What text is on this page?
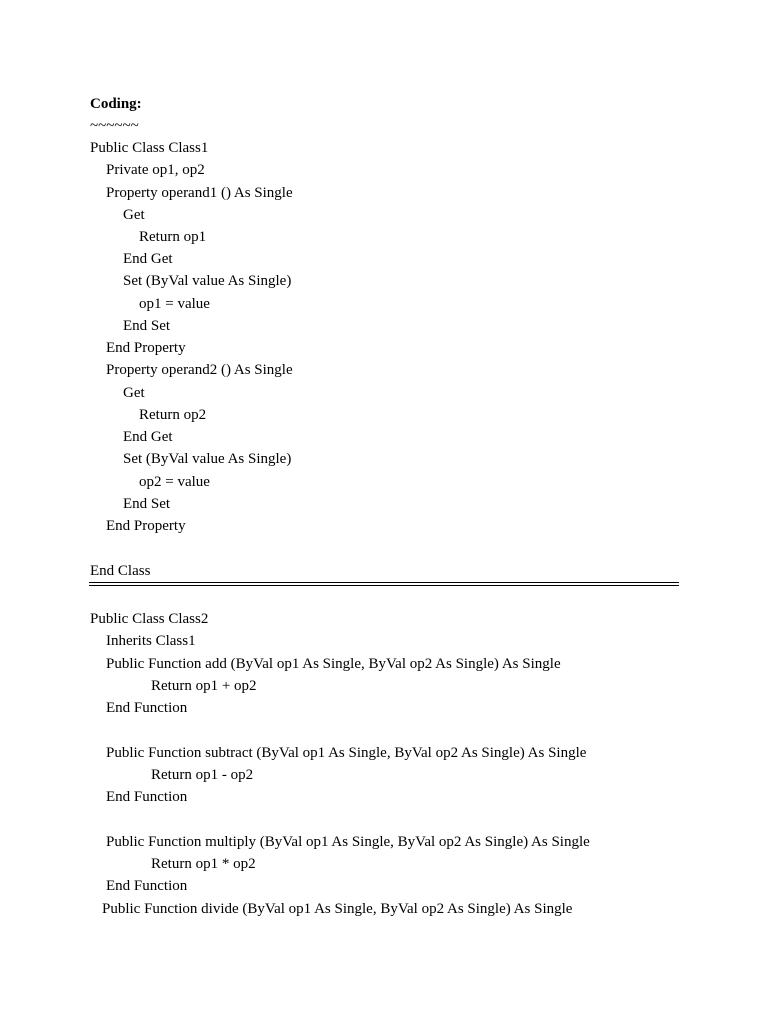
Coding:
~~~~~~
Public Class Class1
Private op1, op2
Property operand1 () As Single
Get
Return op1
End Get
Set (ByVal value As Single)
op1 = value
End Set
End Property
Property operand2 () As Single
Get
Return op2
End Get
Set (ByVal value As Single)
op2 = value
End Set
End Property
End Class
Public Class Class2
Inherits Class1
Public Function add (ByVal op1 As Single, ByVal op2 As Single) As Single
Return op1 + op2
End Function
Public Function subtract (ByVal op1 As Single, ByVal op2 As Single) As Single
Return op1 - op2
End Function
Public Function multiply (ByVal op1 As Single, ByVal op2 As Single) As Single
Return op1 * op2
End Function
Public Function divide (ByVal op1 As Single, ByVal op2 As Single) As Single
